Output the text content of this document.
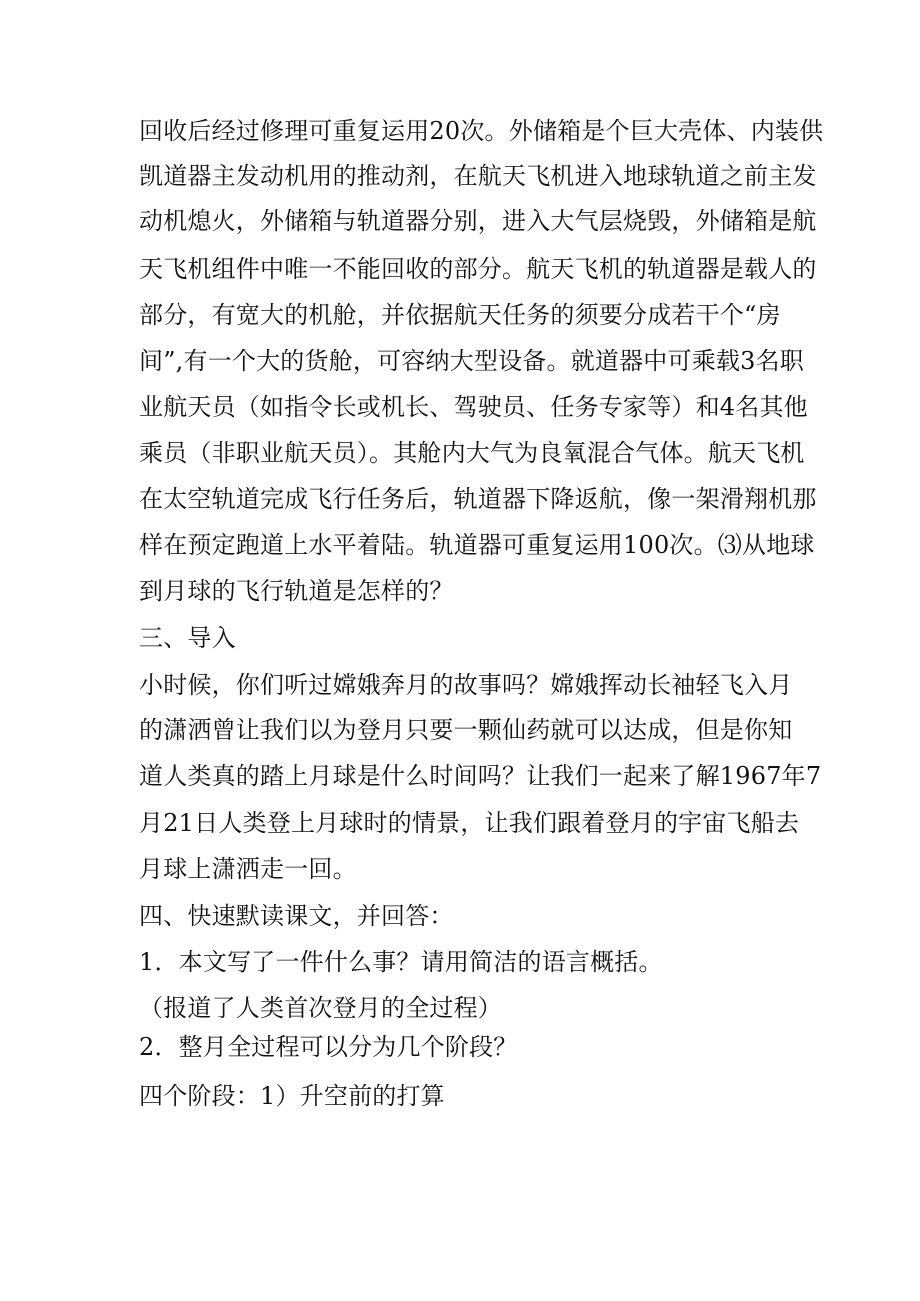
回收后经过修理可重复运用20次。外储箱是个巨大壳体、内装供
凯道器主发动机用的推动剂，在航天飞机进入地球轨道之前主发
动机熄火，外储箱与轨道器分别，进入大气层烧毁，外储箱是航
天飞机组件中唯一不能回收的部分。航天飞机的轨道器是载人的
部分，有宽大的机舱，并依据航天任务的须要分成若干个“房
间”,有一个大的货舱，可容纳大型设备。就道器中可乘载3名职
业航天员（如指令长或机长、驾驶员、任务专家等）和4名其他
乘员（非职业航天员）。其舱内大气为良氧混合气体。航天飞机
在太空轨道完成飞行任务后，轨道器下降返航，像一架滑翔机那
样在预定跑道上水平着陆。轨道器可重复运用100次。⑶从地球
到月球的飞行轨道是怎样的？
三、导入
小时候，你们听过嫦娥奔月的故事吗？嫦娥挥动长袖轻飞入月
的潇洒曾让我们以为登月只要一颗仙药就可以达成，但是你知
道人类真的踏上月球是什么时间吗？让我们一起来了解1967年7
月21日人类登上月球时的情景，让我们跟着登月的宇宙飞船去
月球上潇洒走一回。
四、快速默读课文，并回答：
1．本文写了一件什么事？请用简洁的语言概括。
（报道了人类首次登月的全过程）
2．整月全过程可以分为几个阶段？
四个阶段：1）升空前的打算
